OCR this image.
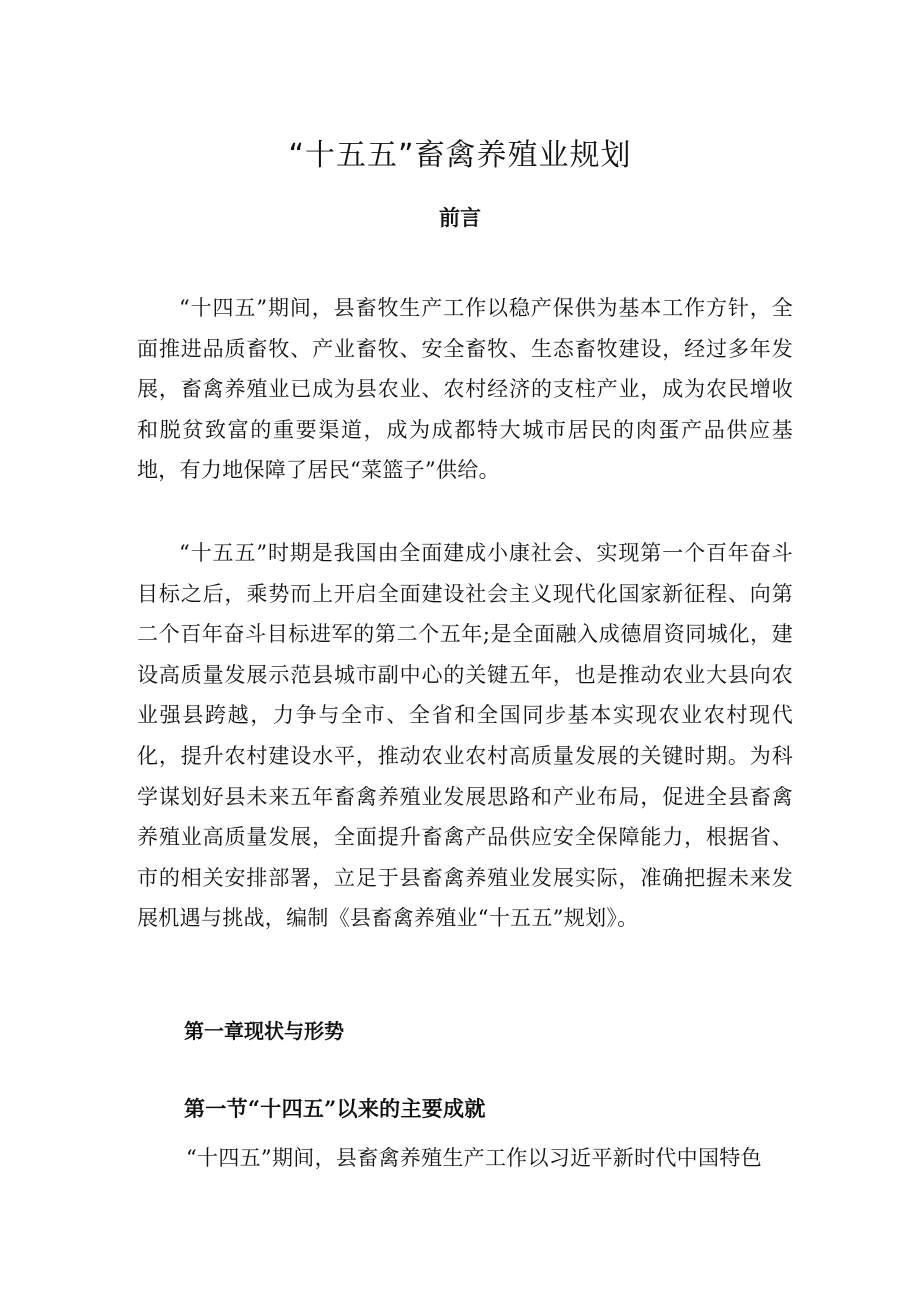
“十五五”畜禽养殖业规划
前言

“十四五”期间，县畜牧生产工作以稳产保供为基本工作方针，全面推进品质畜牧、产业畜牧、安全畜牧、生态畜牧建设，经过多年发展，畜禽养殖业已成为县农业、农村经济的支柱产业，成为农民增收和脱贫致富的重要渠道，成为成都特大城市居民的肉蛋产品供应基地，有力地保障了居民“菜篮子”供给。

“十五五”时期是我国由全面建成小康社会、实现第一个百年奋斗目标之后，乘势而上开启全面建设社会主义现代化国家新征程、向第二个百年奋斗目标进军的第二个五年;是全面融入成德眉资同城化，建设高质量发展示范县城市副中心的关键五年，也是推动农业大县向农业强县跨越，力争与全市、全省和全国同步基本实现农业农村现代化，提升农村建设水平，推动农业农村高质量发展的关键时期。为科学谋划好县未来五年畜禽养殖业发展思路和产业布局，促进全县畜禽养殖业高质量发展，全面提升畜禽产品供应安全保障能力，根据省、市的相关安排部署，立足于县畜禽养殖业发展实际，准确把握未来发展机遇与挑战，编制《县畜禽养殖业“十五五”规划》。

第一章现状与形势
第一节“十四五”以来的主要成就

“十四五”期间，县畜禽养殖生产工作以习近平新时代中国特色
